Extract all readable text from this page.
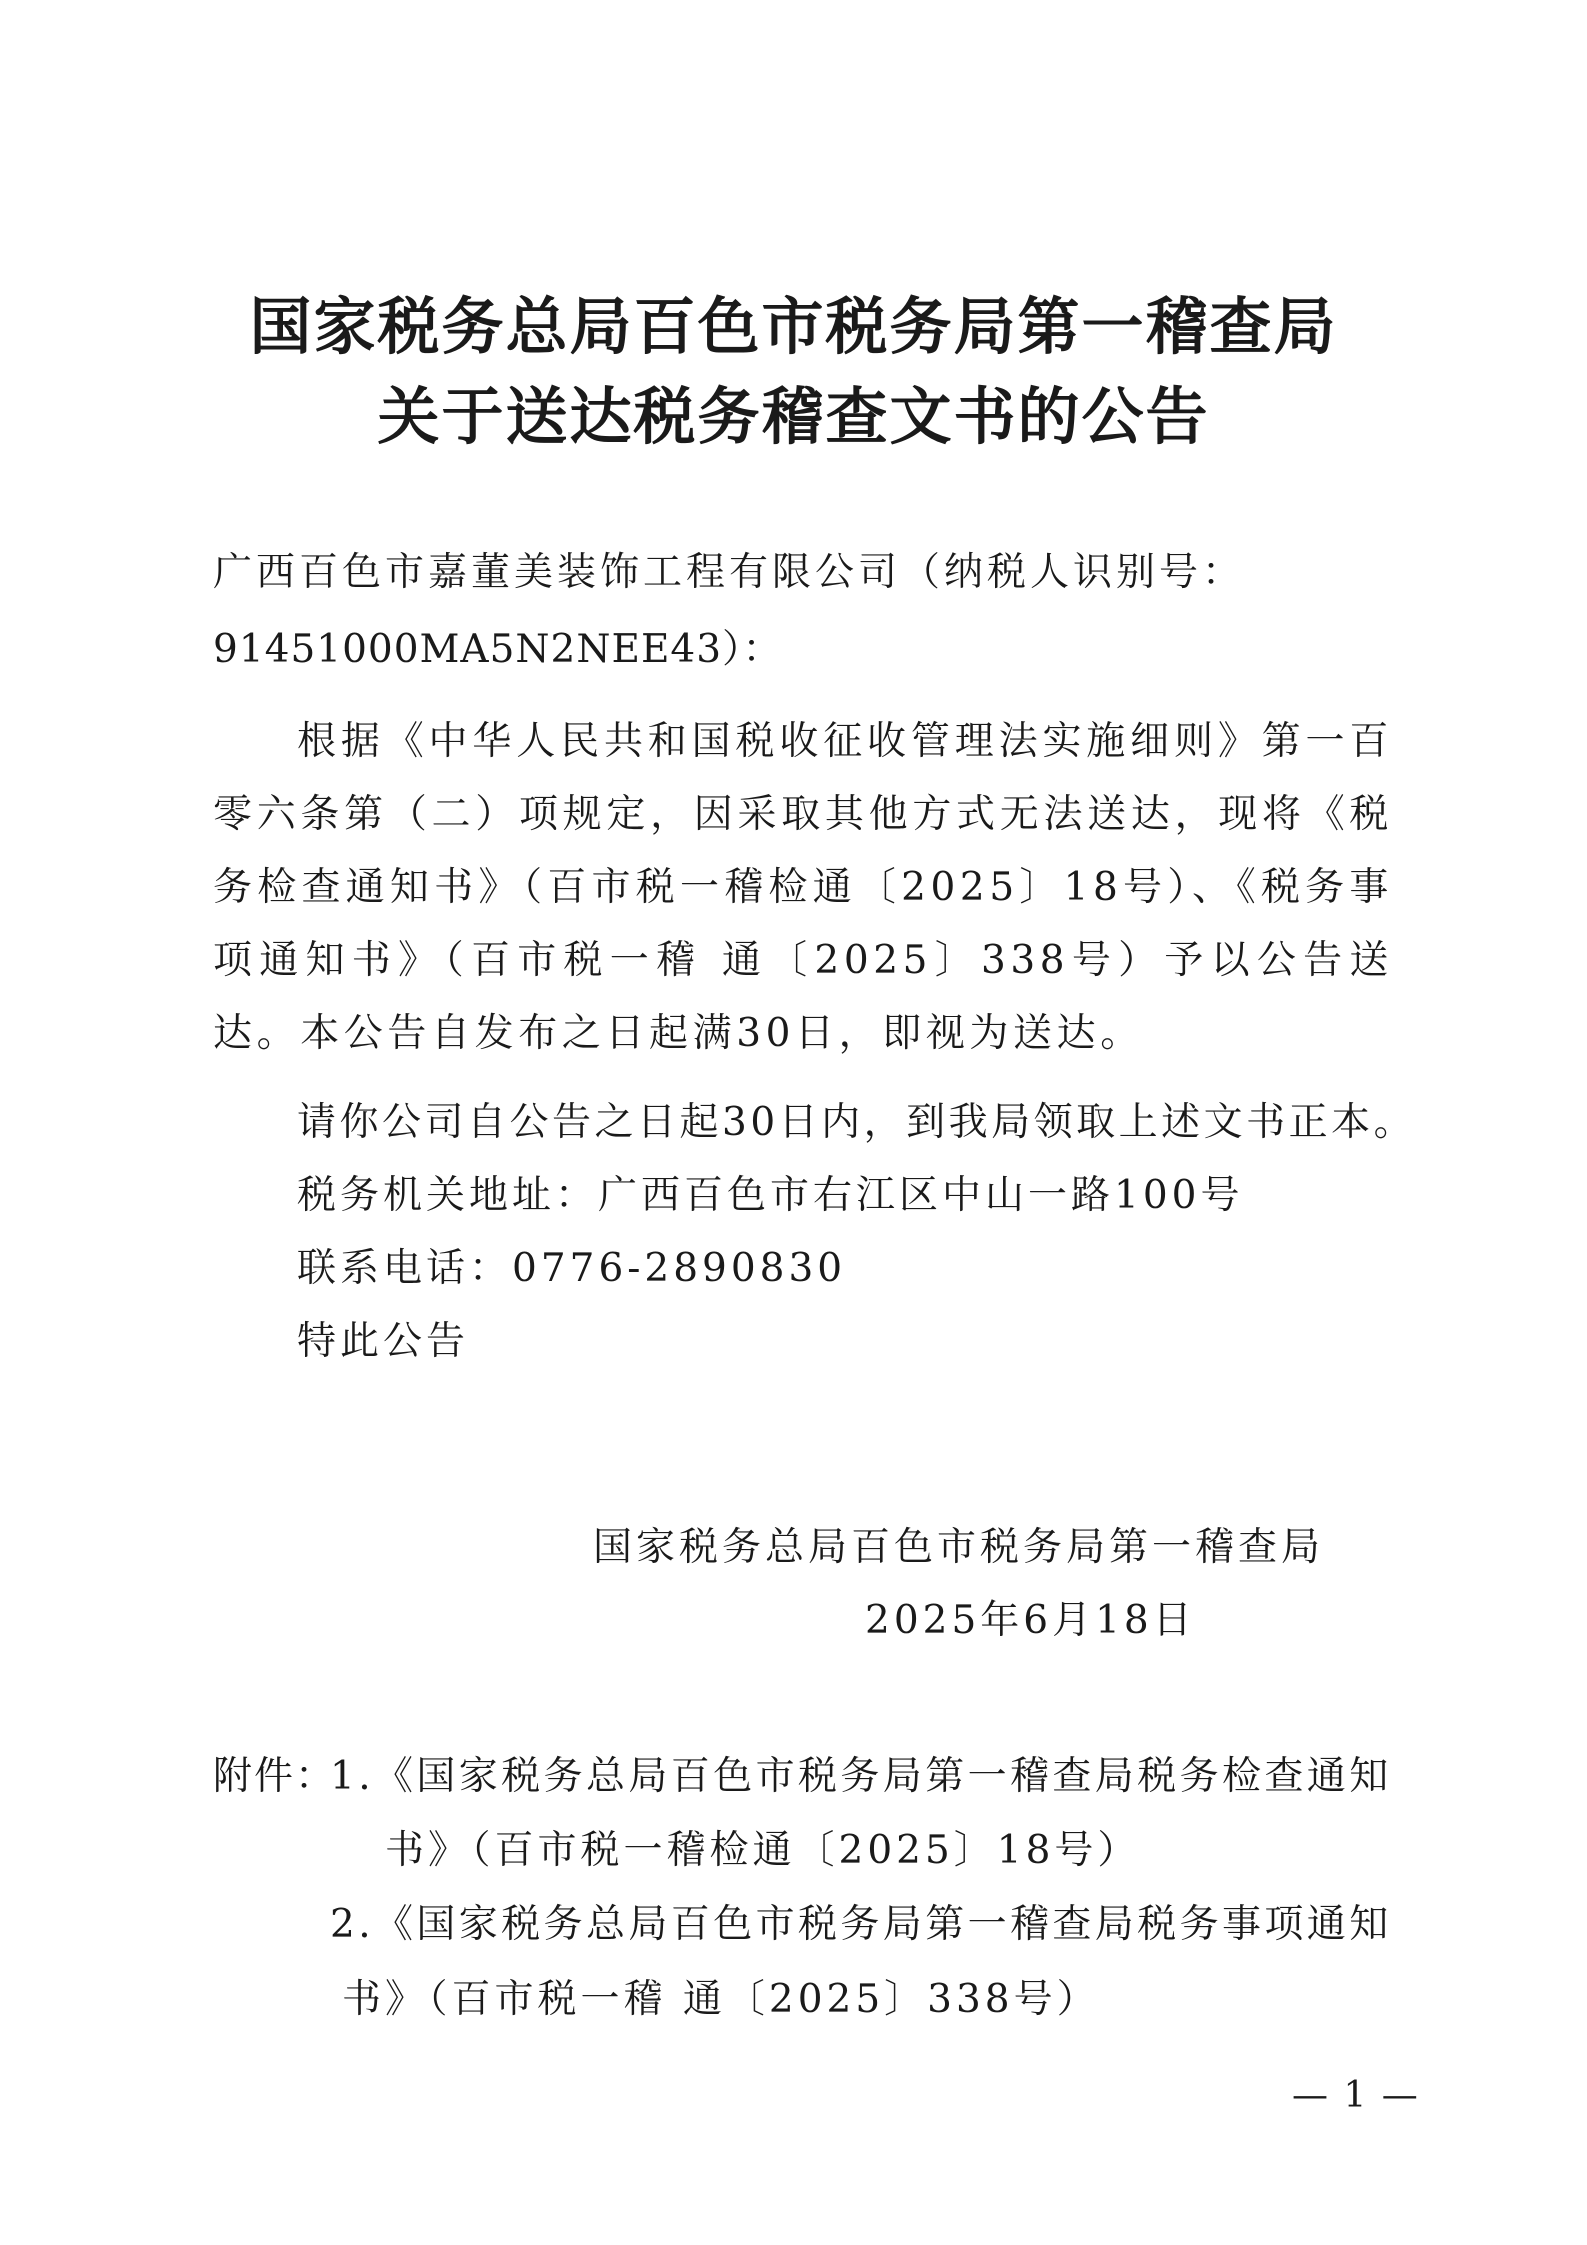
国家税务总局百色市税务局第一稽查局
关于送达税务稽查文书的公告
广西百色市嘉董美装饰工程有限公司（纳税人识别号：
91451000MA5N2NEE43）：

根据《中华人民共和国税收征收管理法实施细则》第一百零六条第（二）项规定，因采取其他方式无法送达，现将《税务检查通知书》（百市税一稽检通〔2025〕18号）、《税务事项通知书》（百市税一稽 通〔2025〕338号）予以公告送达。本公告自发布之日起满30日，即视为送达。

请你公司自公告之日起30日内，到我局领取上述文书正本。
税务机关地址：广西百色市右江区中山一路100号
联系电话：0776-2890830
特此公告
国家税务总局百色市税务局第一稽查局
2025年6月18日
附件：
1.《国家税务总局百色市税务局第一稽查局税务检查通知
书》（百市税一稽检通〔2025〕18号）
2.《国家税务总局百色市税务局第一稽查局税务事项通知
书》（百市税一稽 通〔2025〕338号）
— 1 —
